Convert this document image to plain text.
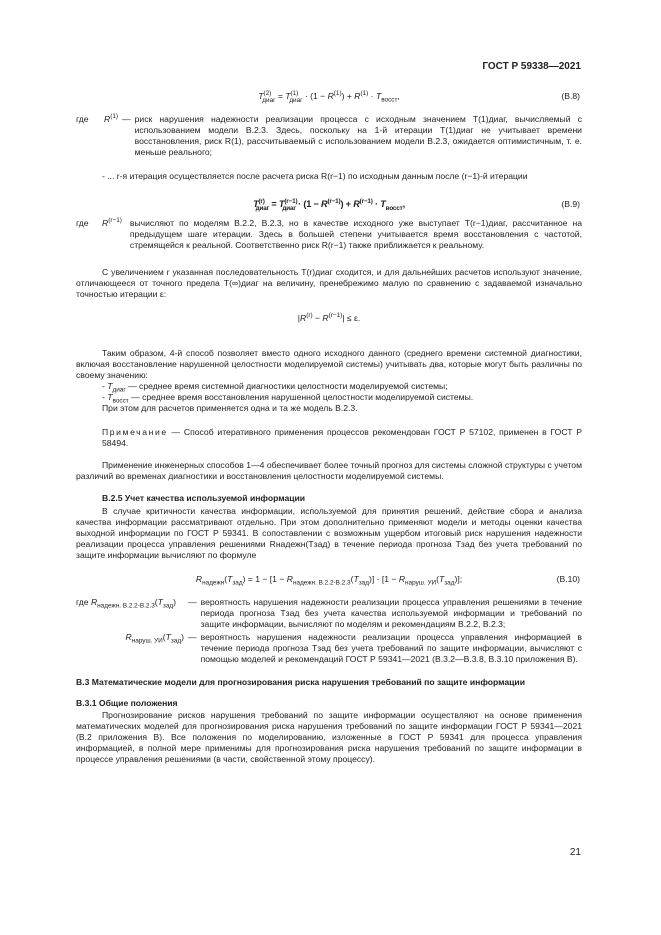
ГОСТ Р 59338—2021
$T^{(2)}_{диаг} = T^{(1)}_{диаг} \cdot (1 - R^{(1)}) + R^{(1)} \cdot T_{восст}$,	(B.8)
где	$R^{(1)}$ — риск нарушения надежности реализации процесса с исходным значением T(1)диаг, вычисляемый с использованием модели В.2.3. Здесь, поскольку на 1-й итерации T(1)диаг не учитывает времени восстановления, риск R(1), рассчитываемый с использованием модели В.2.3, ожидается оптимистичным, т. е. меньше реального;
- ... r-я итерация осуществляется после расчета риска R(r−1) по исходным данным после (r−1)-й итерации
$T^{(r)}_{диаг} = T^{(r-1)}_{диаг} \cdot (1 - R^{(r-1)}) + R^{(r-1)} \cdot T_{восст}$,	(B.9)
где	$R^{(r-1)}$ вычисляют по моделям В.2.2, В.2.3, но в качестве исходного уже выступает T(r−1)диаг, рассчитанное на предыдущем шаге итерации. Здесь в большей степени учитывается время восстановления с частотой, стремящейся к реальной. Соответственно риск R(r−1) также приближается к реальному.

С увеличением r указанная последовательность T(r)диаг сходится, и для дальнейших расчетов используют значение, отличающееся от точного предела T(∞)диаг на величину, пренебрежимо малую по сравнению с задаваемой изначально точностью итерации ε:

$|R^{(r)} - R^{(r-1)}| \le \varepsilon$.

Таким образом, 4-й способ позволяет вместо одного исходного данного (среднего времени системной диагностики, включая восстановление нарушенной целостности моделируемой системы) учитывать два, которые могут быть различны по своему значению:

- $T_{диаг}$ — среднее время системной диагностики целостности моделируемой системы;
- $T_{восст}$ — среднее время восстановления нарушенной целостности моделируемой системы.
При этом для расчетов применяется одна и та же модель В.2.3.

Примечание — Способ итеративного применения процессов рекомендован ГОСТ Р 57102, применен в ГОСТ Р 58494.

Применение инженерных способов 1—4 обеспечивает более точный прогноз для системы сложной структуры с учетом различий во временах диагностики и восстановления целостности моделируемой системы.

В.2.5 Учет качества используемой информации

В случае критичности качества информации, используемой для принятия решений, действие сбора и анализа качества информации рассматривают отдельно. При этом дополнительно применяют модели и методы оценки качества выходной информации по ГОСТ Р 59341. В сопоставлении с возможным ущербом итоговый риск нарушения надежности реализации процесса управления решениями Rнадежн(Tзад) в течение периода прогноза Tзад без учета требований по защите информации вычисляют по формуле

$R_{надежн}(T_{зад}) = 1 - [1 - R_{надежн. В.2.2-В.2.3}(T_{зад})] \cdot [1 - R_{наруш. УИ}(T_{зад})]$;	(B.10)
где $R_{надежн. В.2.2-В.2.3}(T_{зад})$	— вероятность нарушения надежности реализации процесса управления решениями в течение периода прогноза Tзад без учета качества используемой информации и требований по защите информации, вычисляют по моделям и рекомендациям В.2.2, В.2.3;
$R_{наруш. УИ}(T_{зад})$ — вероятность нарушения надежности реализации процесса управления информацией в течение периода прогноза Tзад без учета требований по защите информации, вычисляют с помощью моделей и рекомендаций ГОСТ Р 59341—2021 (В.3.2—В.3.8, В.3.10 приложения В).
В.3 Математические модели для прогнозирования риска нарушения требований по защите информации
В.3.1 Общие положения

Прогнозирование рисков нарушения требований по защите информации осуществляют на основе применения математических моделей для прогнозирования риска нарушения требований по защите информации ГОСТ Р 59341—2021 (В.2 приложения В). Все положения по моделированию, изложенные в ГОСТ Р 59341 для процесса управления информацией, в полной мере применимы для прогнозирования риска нарушения требований по защите информации в процессе управления решениями (в части, свойственной этому процессу).

21
